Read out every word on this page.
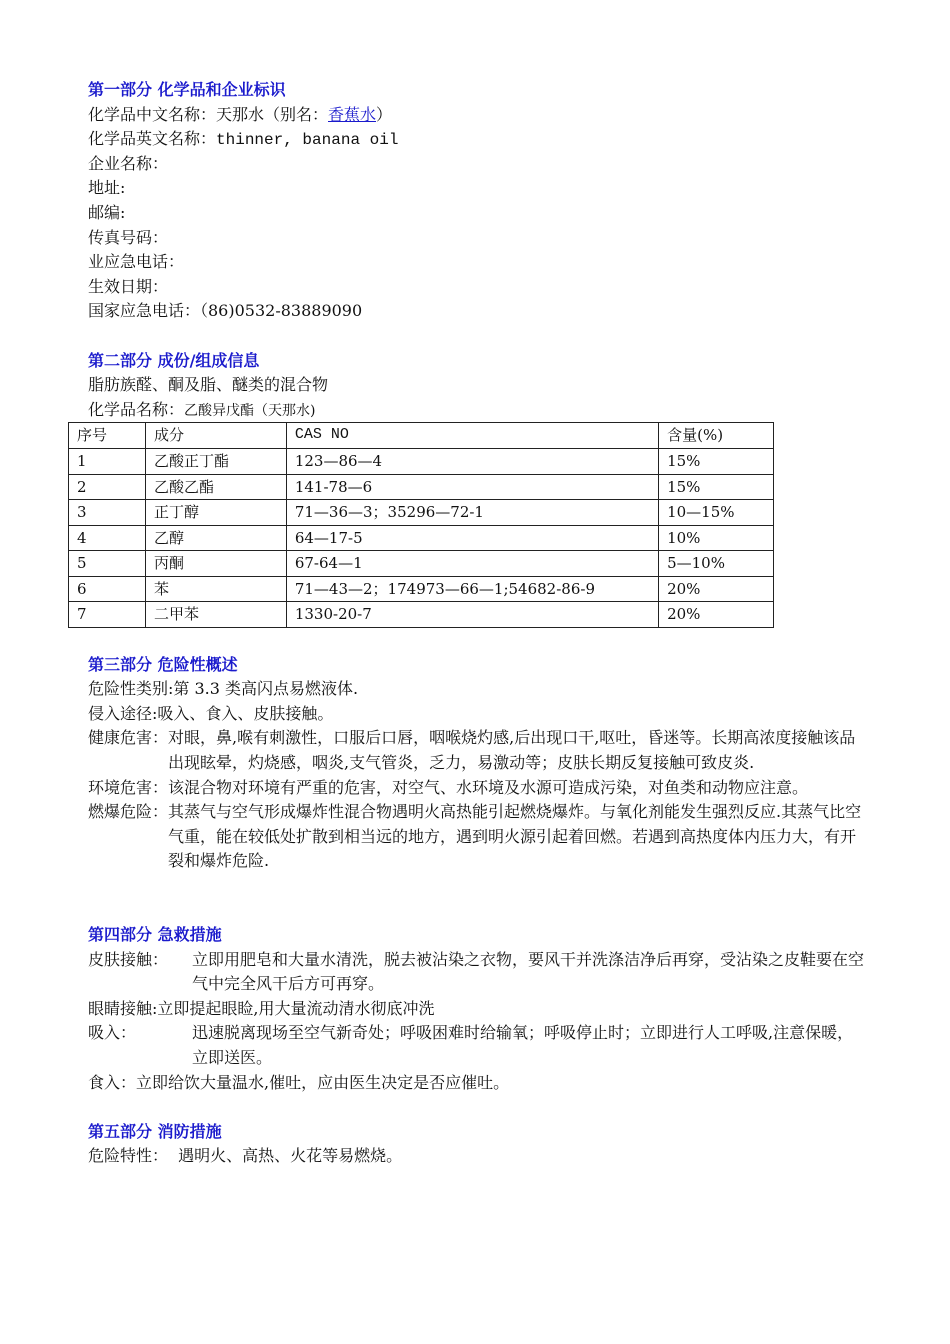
第一部分 化学品和企业标识
化学品中文名称：天那水（别名：香蕉水）
化学品英文名称：thinner, banana oil
企业名称：
地址:
邮编:
传真号码：
业应急电话：
生效日期：
国家应急电话：（86)0532-83889090
第二部分 成份/组成信息
脂肪族醛、酮及脂、醚类的混合物
化学品名称：乙酸异戊酯（天那水)
序号	成分	CAS NO	含量(%)
1	乙酸正丁酯	123—86—4	15%
2	乙酸乙酯	141-78—6	15%
3	正丁醇	71—36—3；35296—72-1	10—15%
4	乙醇	64—17-5	10%
5	丙酮	67-64—1	5—10%
6	苯	71—43—2；174973—66—1;54682-86-9	20%
7	二甲苯	1330-20-7	20%
第三部分 危险性概述
危险性类别:第 3.3 类高闪点易燃液体.
侵入途径:吸入、食入、皮肤接触。
健康危害： 对眼，鼻,喉有刺激性，口服后口唇，咽喉烧灼感,后出现口干,呕吐，昏迷等。长期高浓度接触该品出现眩晕，灼烧感，咽炎,支气管炎，乏力，易激动等；皮肤长期反复接触可致皮炎.
环境危害： 该混合物对环境有严重的危害，对空气、水环境及水源可造成污染，对鱼类和动物应注意。
燃爆危险： 其蒸气与空气形成爆炸性混合物遇明火高热能引起燃烧爆炸。与氧化剂能发生强烈反应.其蒸气比空气重，能在较低处扩散到相当远的地方，遇到明火源引起着回燃。若遇到高热度体内压力大，有开裂和爆炸危险.
第四部分 急救措施
皮肤接触：	立即用肥皂和大量水清洗，脱去被沾染之衣物，要风干并洗涤洁净后再穿，受沾染之皮鞋要在空气中完全风干后方可再穿。
眼睛接触:立即提起眼睑,用大量流动清水彻底冲洗
吸入：	迅速脱离现场至空气新奇处；呼吸困难时给输氧；呼吸停止时；立即进行人工呼吸,注意保暖，立即送医。
食入：立即给饮大量温水,催吐，应由医生决定是否应催吐。
第五部分 消防措施
危险特性：  遇明火、高热、火花等易燃烧。
